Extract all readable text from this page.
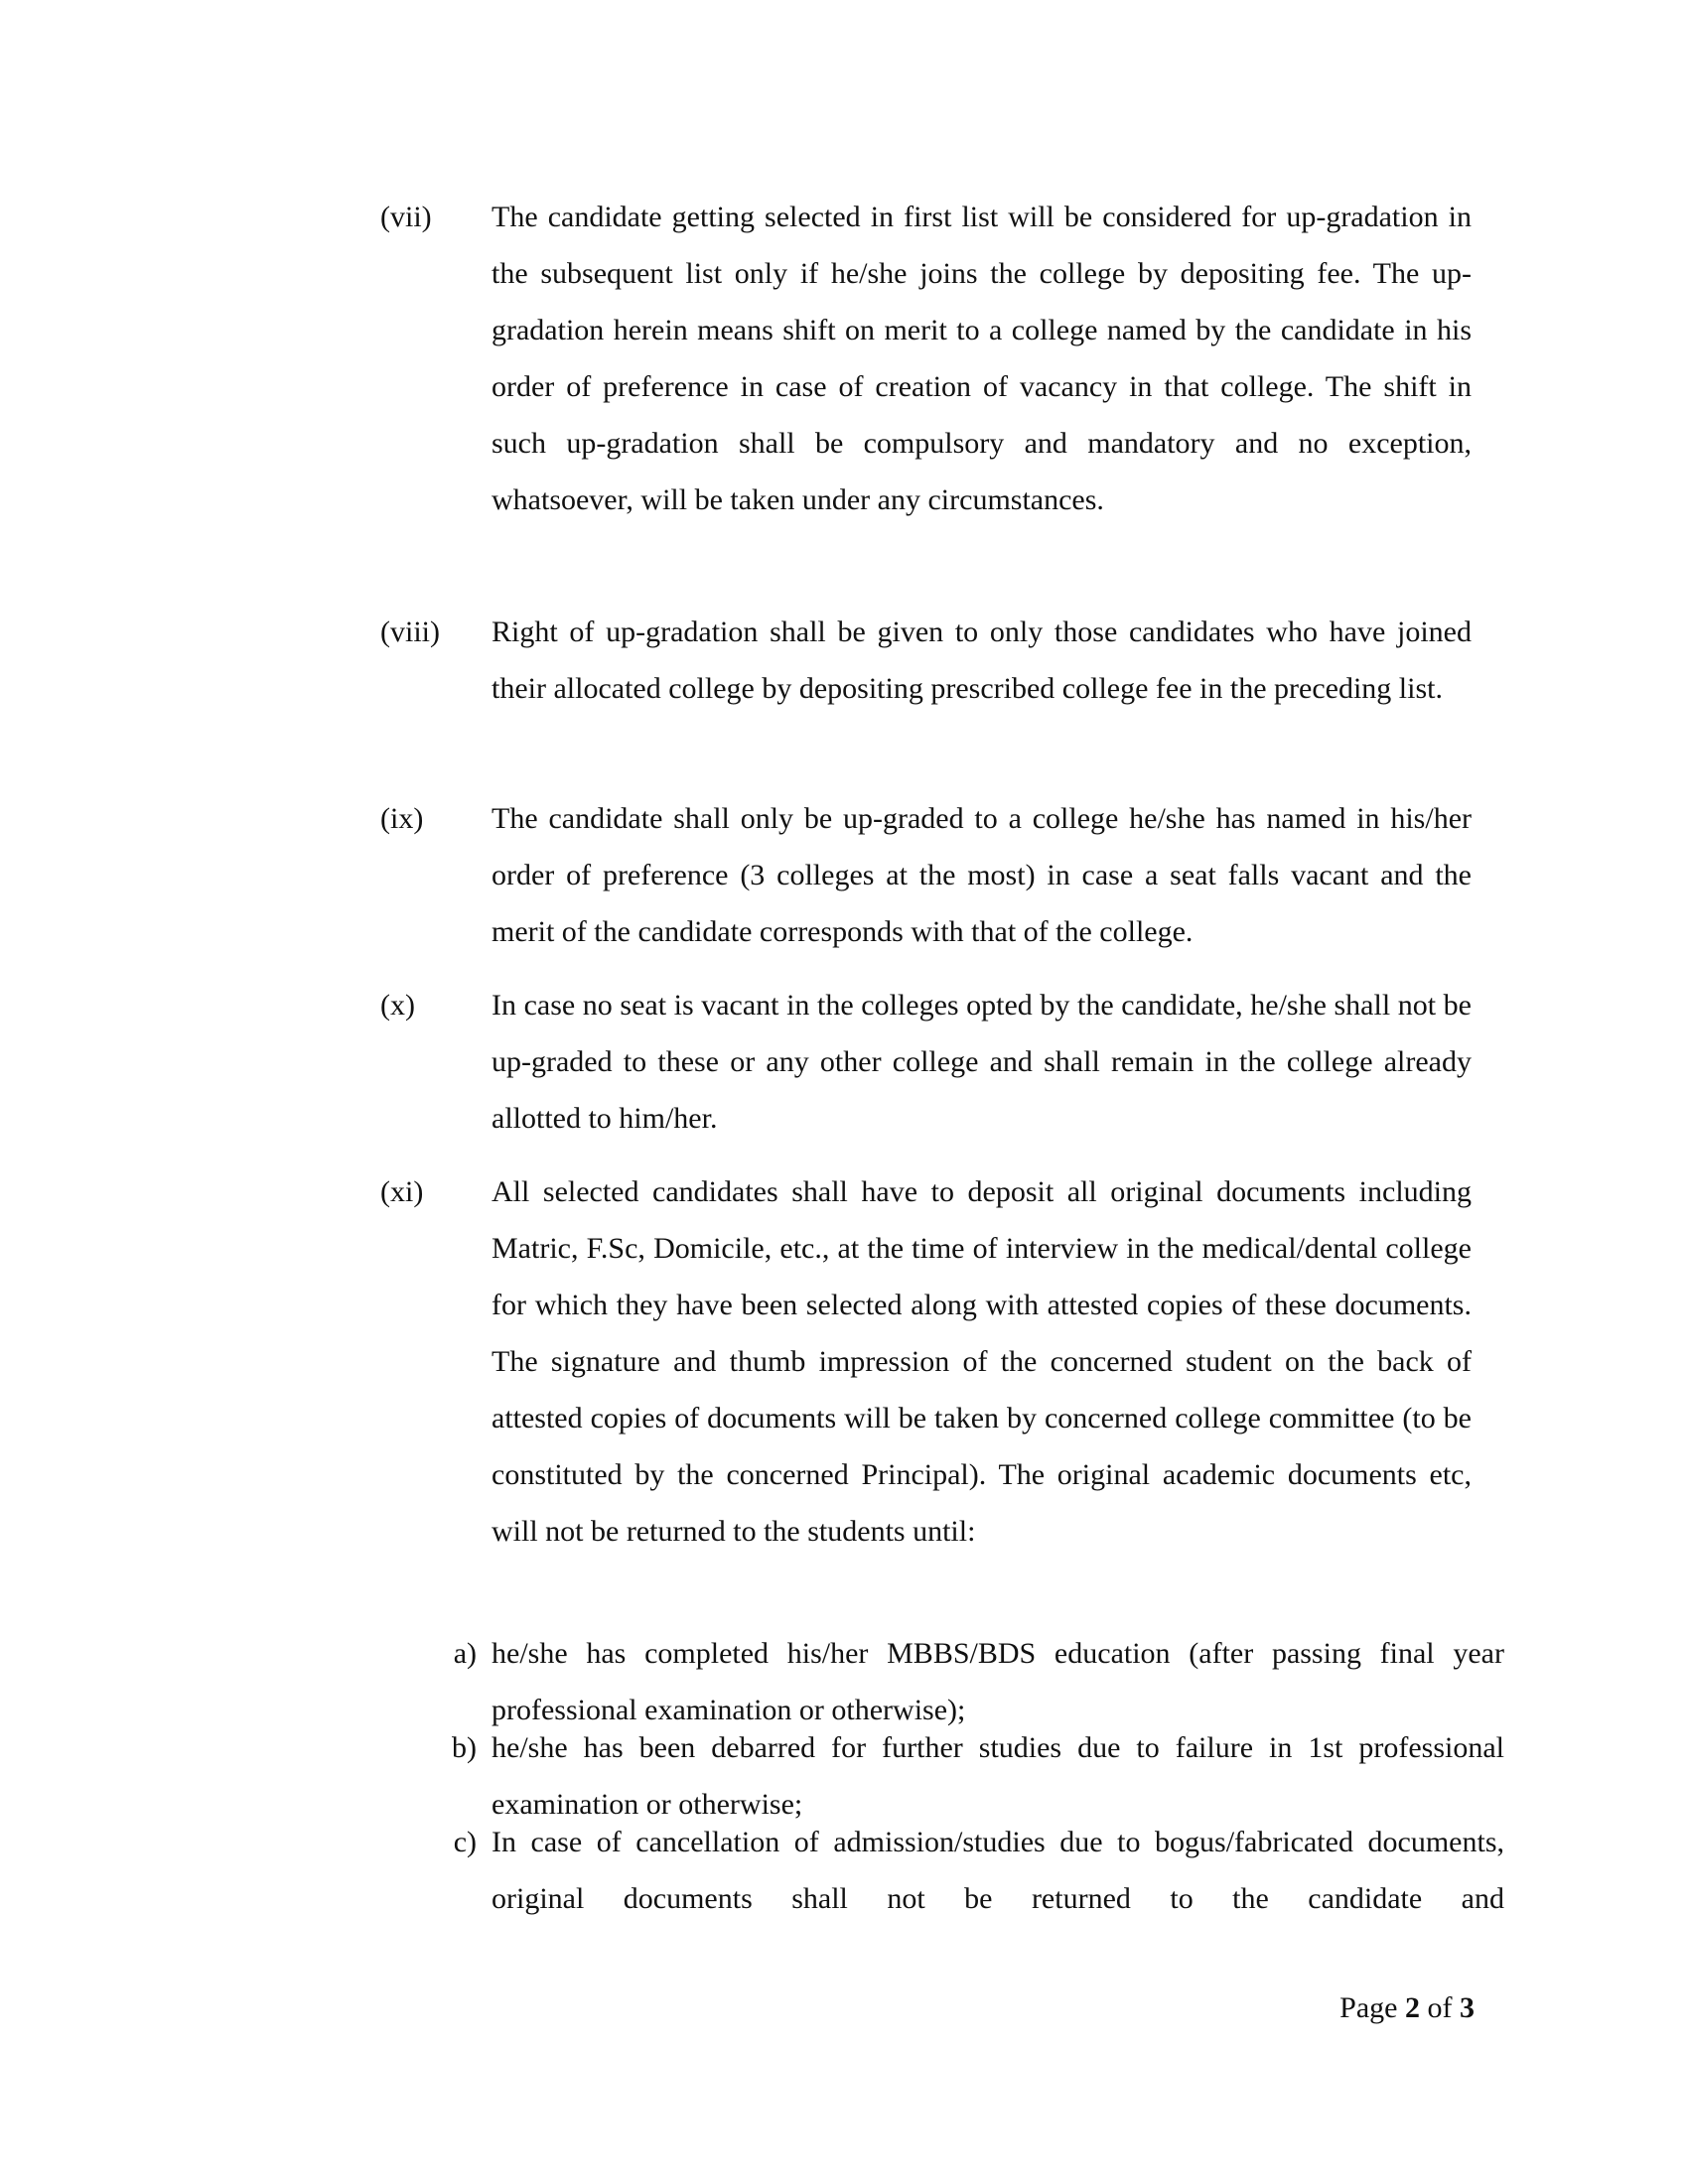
(vii) The candidate getting selected in first list will be considered for up-gradation in the subsequent list only if he/she joins the college by depositing fee. The up-gradation herein means shift on merit to a college named by the candidate in his order of preference in case of creation of vacancy in that college. The shift in such up-gradation shall be compulsory and mandatory and no exception, whatsoever, will be taken under any circumstances.
(viii) Right of up-gradation shall be given to only those candidates who have joined their allocated college by depositing prescribed college fee in the preceding list.
(ix) The candidate shall only be up-graded to a college he/she has named in his/her order of preference (3 colleges at the most) in case a seat falls vacant and the merit of the candidate corresponds with that of the college.
(x)	In case no seat is vacant in the colleges opted by the candidate, he/she shall not be up-graded to these or any other college and shall remain in the college already allotted to him/her.
(xi) All selected candidates shall have to deposit all original documents including Matric, F.Sc, Domicile, etc., at the time of interview in the medical/dental college for which they have been selected along with attested copies of these documents. The signature and thumb impression of the concerned student on the back of attested copies of documents will be taken by concerned college committee (to be constituted by the concerned Principal). The original academic documents etc, will not be returned to the students until:
a) he/she has completed his/her MBBS/BDS education (after passing final year professional examination or otherwise);
b) he/she has been debarred for further studies due to failure in 1st professional examination or otherwise;
c) In case of cancellation of admission/studies due to bogus/fabricated documents, original documents shall not be returned to the candidate and
Page 2 of 3
